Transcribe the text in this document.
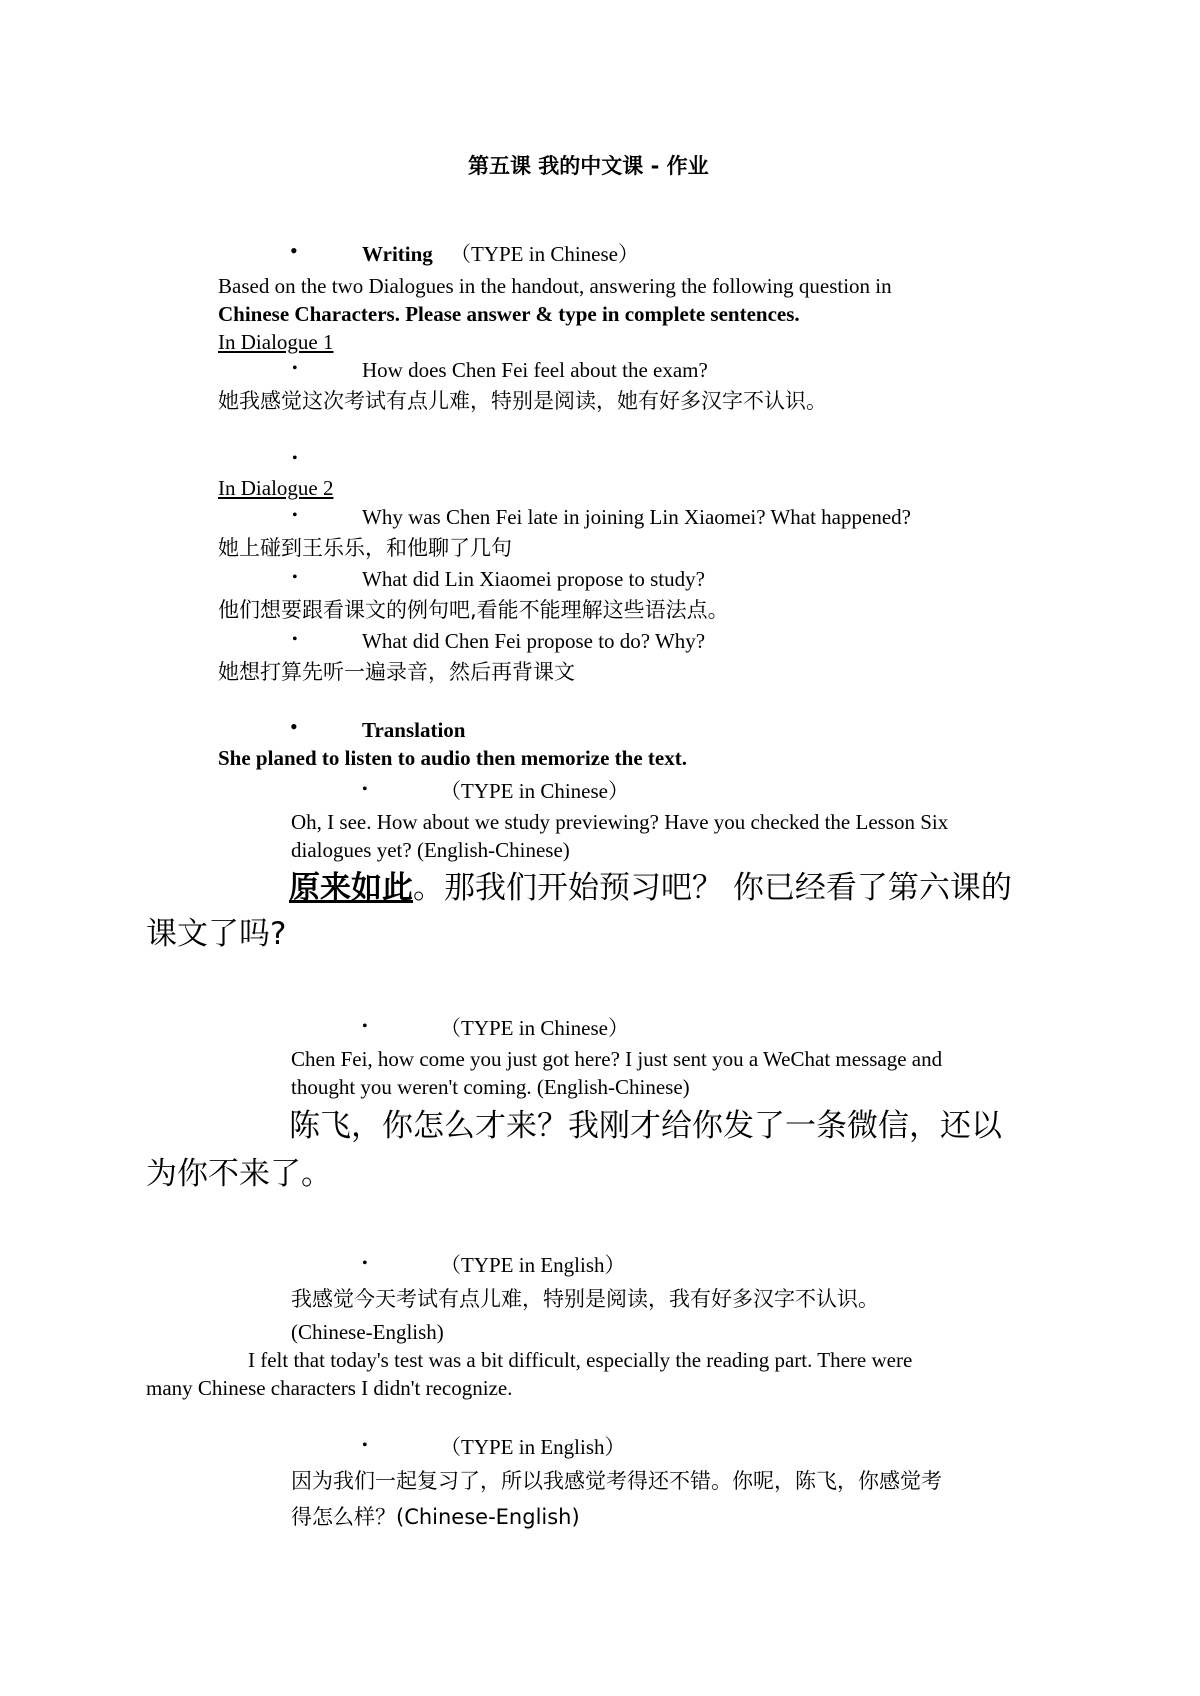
第五课 我的中文课 - 作业
•	Writing （TYPE in Chinese）
Based on the two Dialogues in the handout, answering the following question in
Chinese Characters. Please answer & type in complete sentences.
In Dialogue 1
•	How does Chen Fei feel about the exam?
她我感觉这次考试有点儿难，特别是阅读，她有好多汉字不认识。
•
In Dialogue 2
•	Why was Chen Fei late in joining Lin Xiaomei? What happened?
她上碰到王乐乐，和他聊了几句
•	What did Lin Xiaomei propose to study?
他们想要跟看课文的例句吧,看能不能理解这些语法点。
•	What did Chen Fei propose to do? Why?
她想打算先听一遍录音，然后再背课文
•	Translation
She planed to listen to audio then memorize the text.
•	（TYPE in Chinese）
Oh, I see. How about we study previewing? Have you checked the Lesson Six
dialogues yet? (English-Chinese)
原来如此。那我们开始预习吧？ 你已经看了第六课的
课文了吗?
•	（TYPE in Chinese）
Chen Fei, how come you just got here? I just sent you a WeChat message and
thought you weren't coming. (English-Chinese)
陈飞，你怎么才来？我刚才给你发了一条微信，还以
为你不来了。
•	（TYPE in English）
我感觉今天考试有点儿难，特别是阅读，我有好多汉字不认识。
(Chinese-English)
I felt that today's test was a bit difficult, especially the reading part. There were
many Chinese characters I didn't recognize.
•	（TYPE in English）
因为我们一起复习了，所以我感觉考得还不错。你呢，陈飞，你感觉考
得怎么样？(Chinese-English)
